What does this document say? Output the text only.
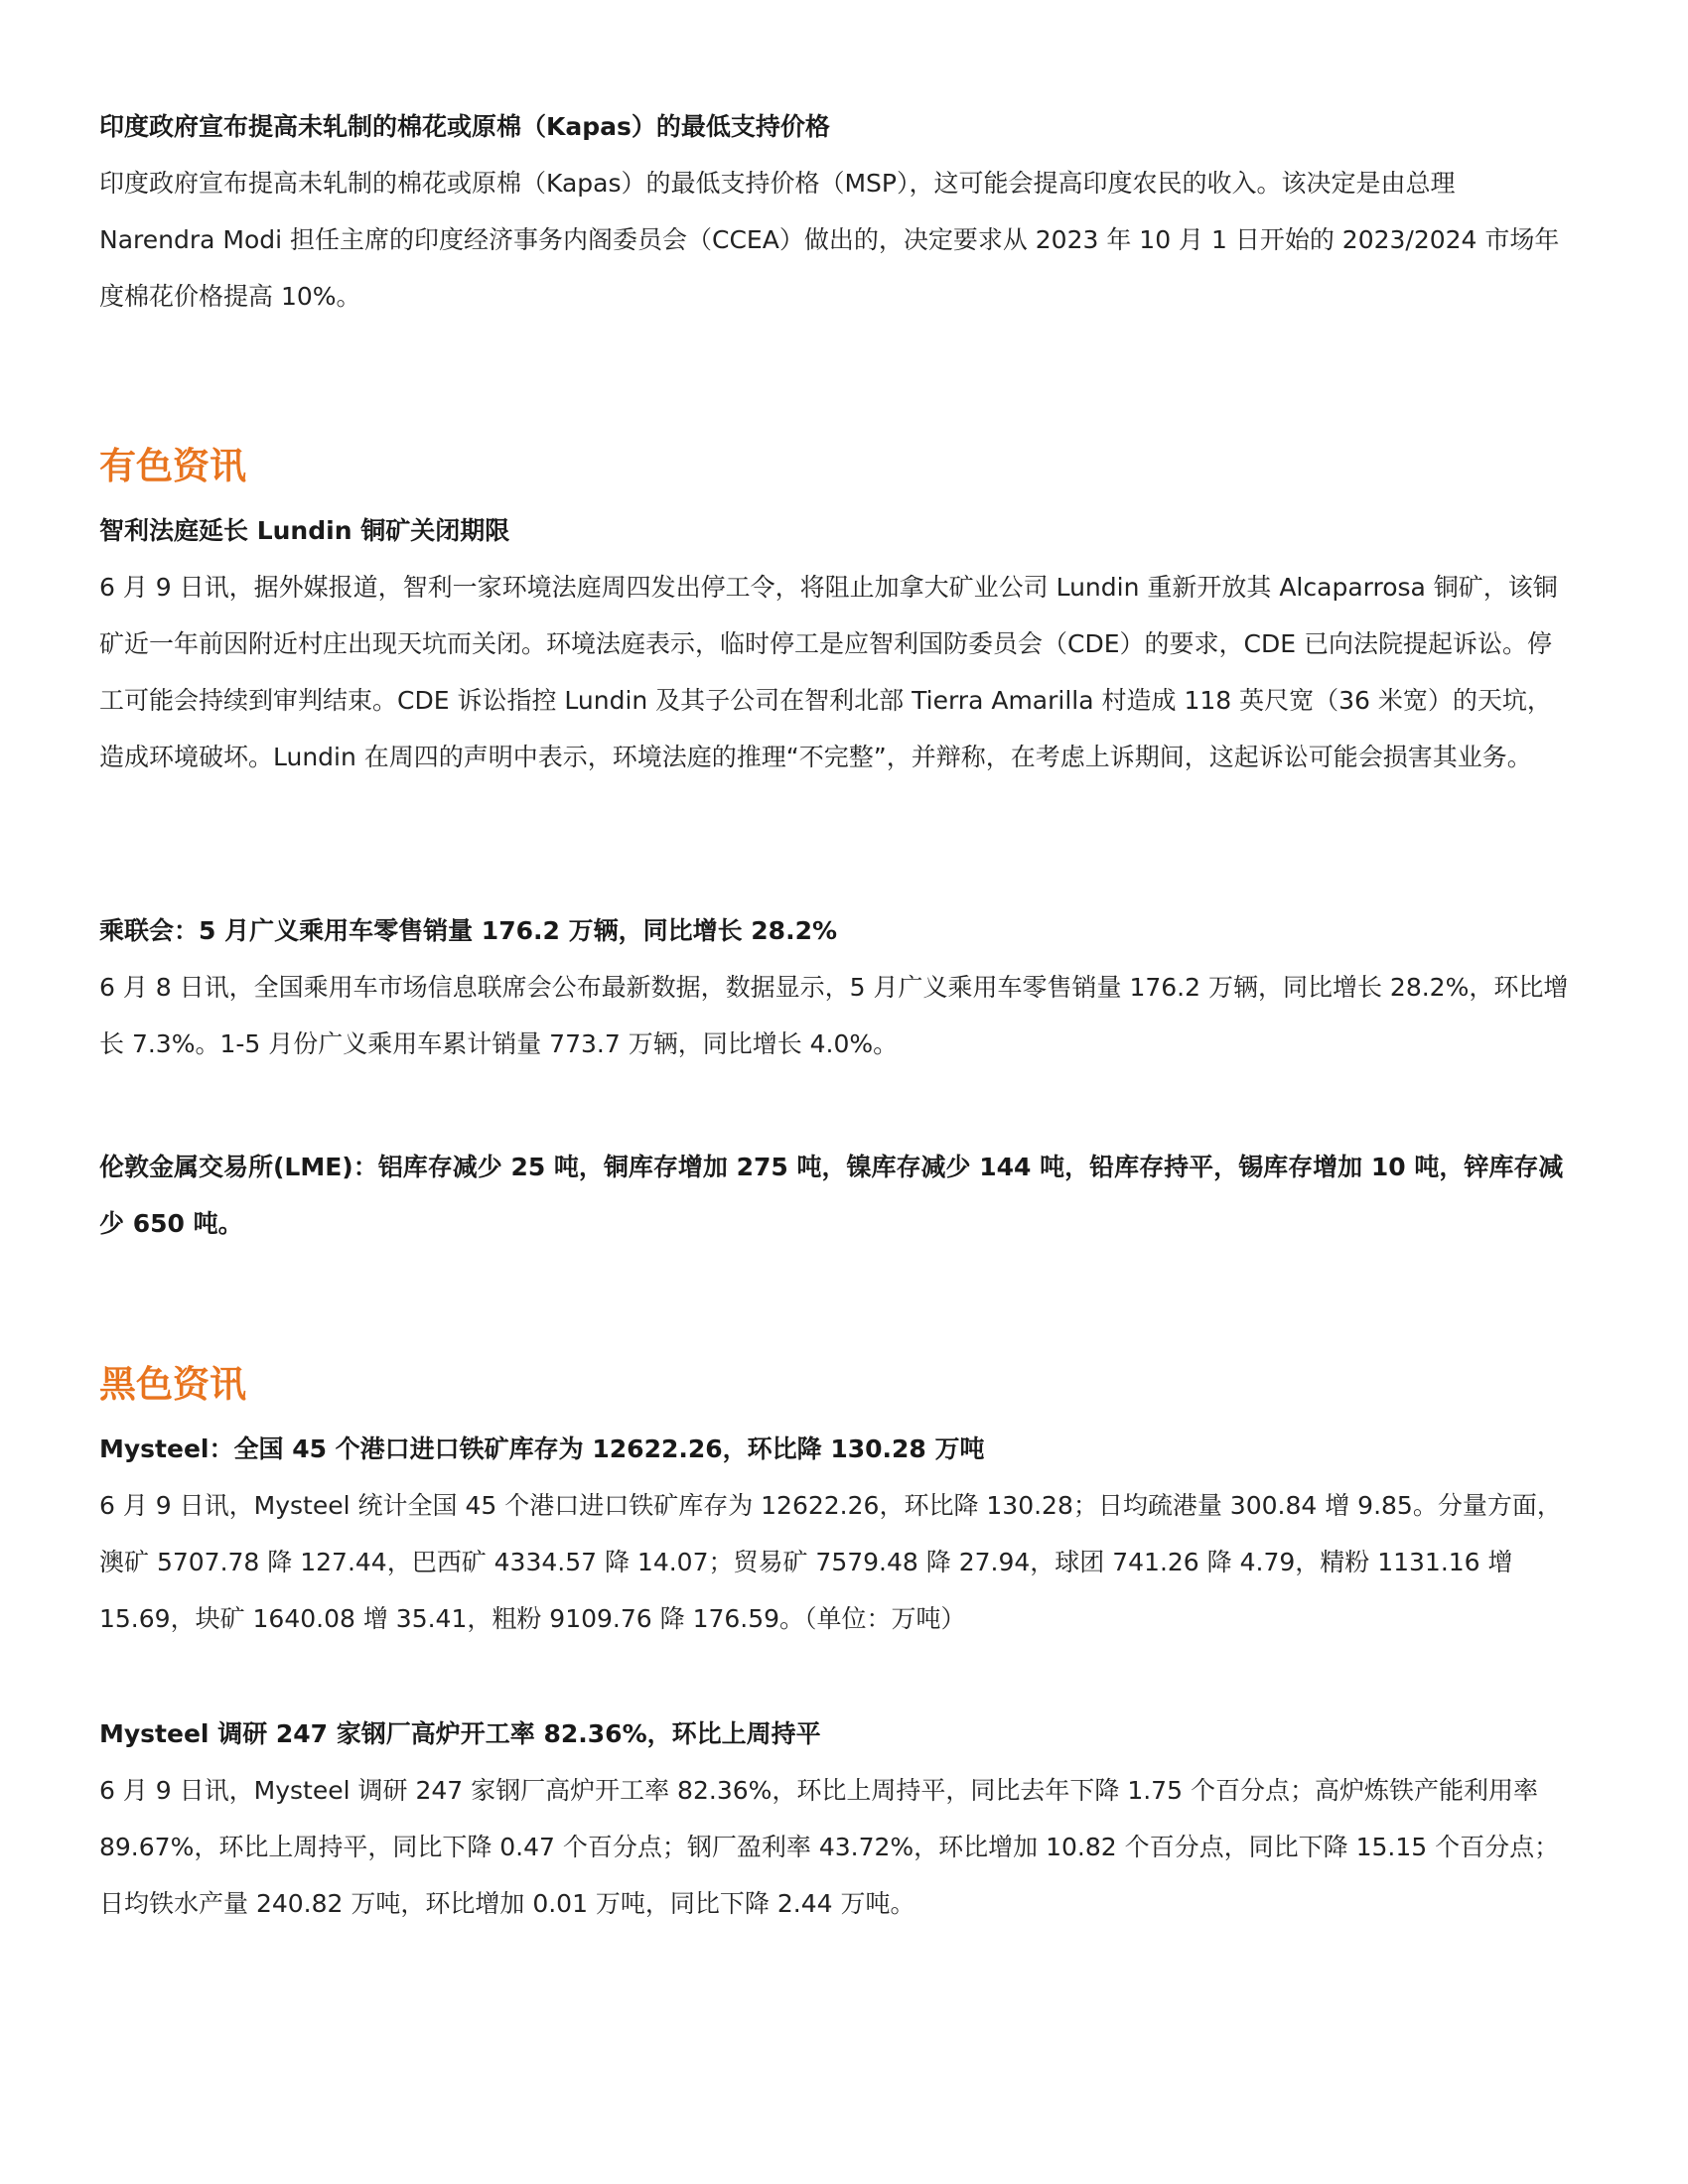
印度政府宣布提高未轧制的棉花或原棉（Kapas）的最低支持价格

印度政府宣布提高未轧制的棉花或原棉（Kapas）的最低支持价格（MSP），这可能会提高印度农民的收入。该决定是由总理 Narendra Modi 担任主席的印度经济事务内阁委员会（CCEA）做出的，决定要求从 2023 年 10 月 1 日开始的 2023/2024 市场年度棉花价格提高 10%。

有色资讯
智利法庭延长 Lundin 铜矿关闭期限

6 月 9 日讯，据外媒报道，智利一家环境法庭周四发出停工令，将阻止加拿大矿业公司 Lundin 重新开放其 Alcaparrosa 铜矿，该铜矿近一年前因附近村庄出现天坑而关闭。环境法庭表示，临时停工是应智利国防委员会（CDE）的要求，CDE 已向法院提起诉讼。停工可能会持续到审判结束。CDE 诉讼指控 Lundin 及其子公司在智利北部 Tierra Amarilla 村造成 118 英尺宽（36 米宽）的天坑，造成环境破坏。Lundin 在周四的声明中表示，环境法庭的推理“不完整”，并辩称，在考虑上诉期间，这起诉讼可能会损害其业务。

乘联会：5 月广义乘用车零售销量 176.2 万辆，同比增长 28.2%

6 月 8 日讯，全国乘用车市场信息联席会公布最新数据，数据显示，5 月广义乘用车零售销量 176.2 万辆，同比增长 28.2%，环比增长 7.3%。1-5 月份广义乘用车累计销量 773.7 万辆，同比增长 4.0%。

伦敦金属交易所(LME)：铝库存减少 25 吨，铜库存增加 275 吨，镍库存减少 144 吨，铅库存持平，锡库存增加 10 吨，锌库存减少 650 吨。
黑色资讯
Mysteel：全国 45 个港口进口铁矿库存为 12622.26，环比降 130.28 万吨

6 月 9 日讯，Mysteel 统计全国 45 个港口进口铁矿库存为 12622.26，环比降 130.28；日均疏港量 300.84 增 9.85。分量方面，澳矿 5707.78 降 127.44，巴西矿 4334.57 降 14.07；贸易矿 7579.48 降 27.94，球团 741.26 降 4.79，精粉 1131.16 增 15.69，块矿 1640.08 增 35.41，粗粉 9109.76 降 176.59。（单位：万吨）

Mysteel 调研 247 家钢厂高炉开工率 82.36%，环比上周持平

6 月 9 日讯，Mysteel 调研 247 家钢厂高炉开工率 82.36%，环比上周持平，同比去年下降 1.75 个百分点；高炉炼铁产能利用率 89.67%，环比上周持平，同比下降 0.47 个百分点；钢厂盈利率 43.72%，环比增加 10.82 个百分点，同比下降 15.15 个百分点；日均铁水产量 240.82 万吨，环比增加 0.01 万吨，同比下降 2.44 万吨。
